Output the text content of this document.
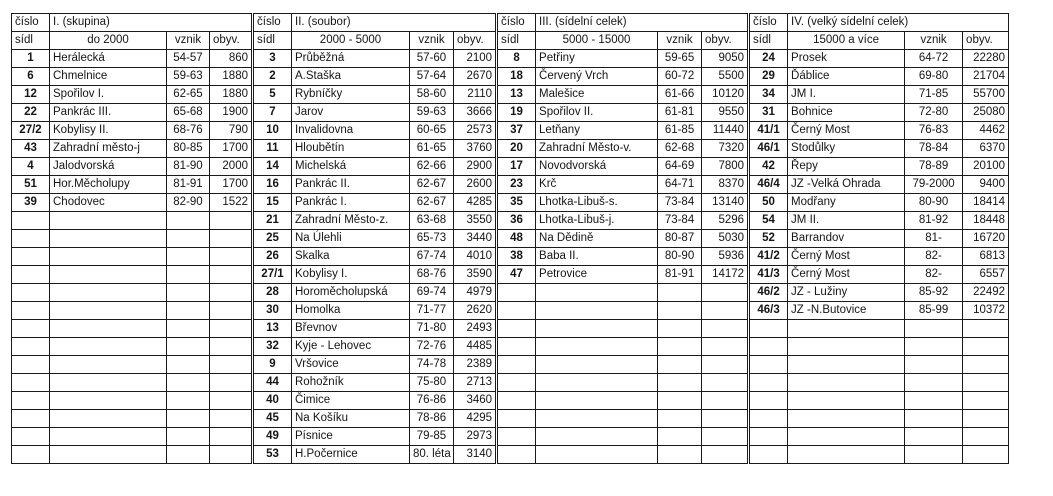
číslo	I. (skupina)		
sídl	do 2000	vznik	obyv.
1	Herálecká	54-57	860
6	Chmelnice	59-63	1880
12	Spořilov I.	62-65	1880
22	Pankrác III.	65-68	1900
27/2	Kobylisy II.	68-76	790
43	Zahradní město-j	80-85	1700
4	Jalodvorská	81-90	2000
51	Hor.Měcholupy	81-91	1700
39	Chodovec	82-90	1522

číslo	II. (soubor)		
sídl	2000 - 5000	vznik	obyv.
3	Průběžná	57-60	2100
2	A.Staška	57-64	2670
5	Rybníčky	58-60	2110
7	Jarov	59-63	3666
10	Invalidovna	60-65	2573
11	Hloubětín	61-65	3760
14	Michelská	62-66	2900
16	Pankrác II.	62-67	2600
15	Pankrác I.	62-67	4285
21	Zahradní Město-z.	63-68	3550
25	Na Úlehli	65-73	3440
26	Skalka	67-74	4010
27/1	Kobylisy I.	68-76	3590
28	Horoměcholupská	69-74	4979
30	Homolka	71-77	2620
13	Břevnov	71-80	2493
32	Kyje - Lehovec	72-76	4485
9	Vršovice	74-78	2389
44	Rohožník	75-80	2713
40	Čimice	76-86	3460
45	Na Košíku	78-86	4295
49	Písnice	79-85	2973
53	H.Počernice	80. léta	3140
číslo	III. (sídelní celek)		
sídl	5000 - 15000	vznik	obyv.
8	Petřiny	59-65	9050
18	Červený Vrch	60-72	5500
13	Malešice	61-66	10120
19	Spořilov II.	61-81	9550
37	Letňany	61-85	11440
20	Zahradní Město-v.	62-68	7320
17	Novodvorská	64-69	7800
23	Krč	64-71	8370
35	Lhotka-Libuš-s.	73-84	13140
36	Lhotka-Libuš-j.	73-84	5296
48	Na Dědině	80-87	5030
38	Baba II.	80-90	5936
47	Petrovice	81-91	14172

číslo	IV. (velký sídelní celek)		
sídl	15000 a více	vznik	obyv.
24	Prosek	64-72	22280
29	Ďáblice	69-80	21704
34	JM I.	71-85	55700
31	Bohnice	72-80	25080
41/1	Černý Most	76-83	4462
46/1	Stodůlky	78-84	6370
42	Řepy	78-89	20100
46/4	JZ -Velká Ohrada	79-2000	9400
50	Modřany	80-90	18414
54	JM II.	81-92	18448
52	Barrandov	81-	16720
41/2	Černý Most	82-	6813
41/3	Černý Most	82-	6557
46/2	JZ - Lužiny	85-92	22492
46/3	JZ -N.Butovice	85-99	10372
